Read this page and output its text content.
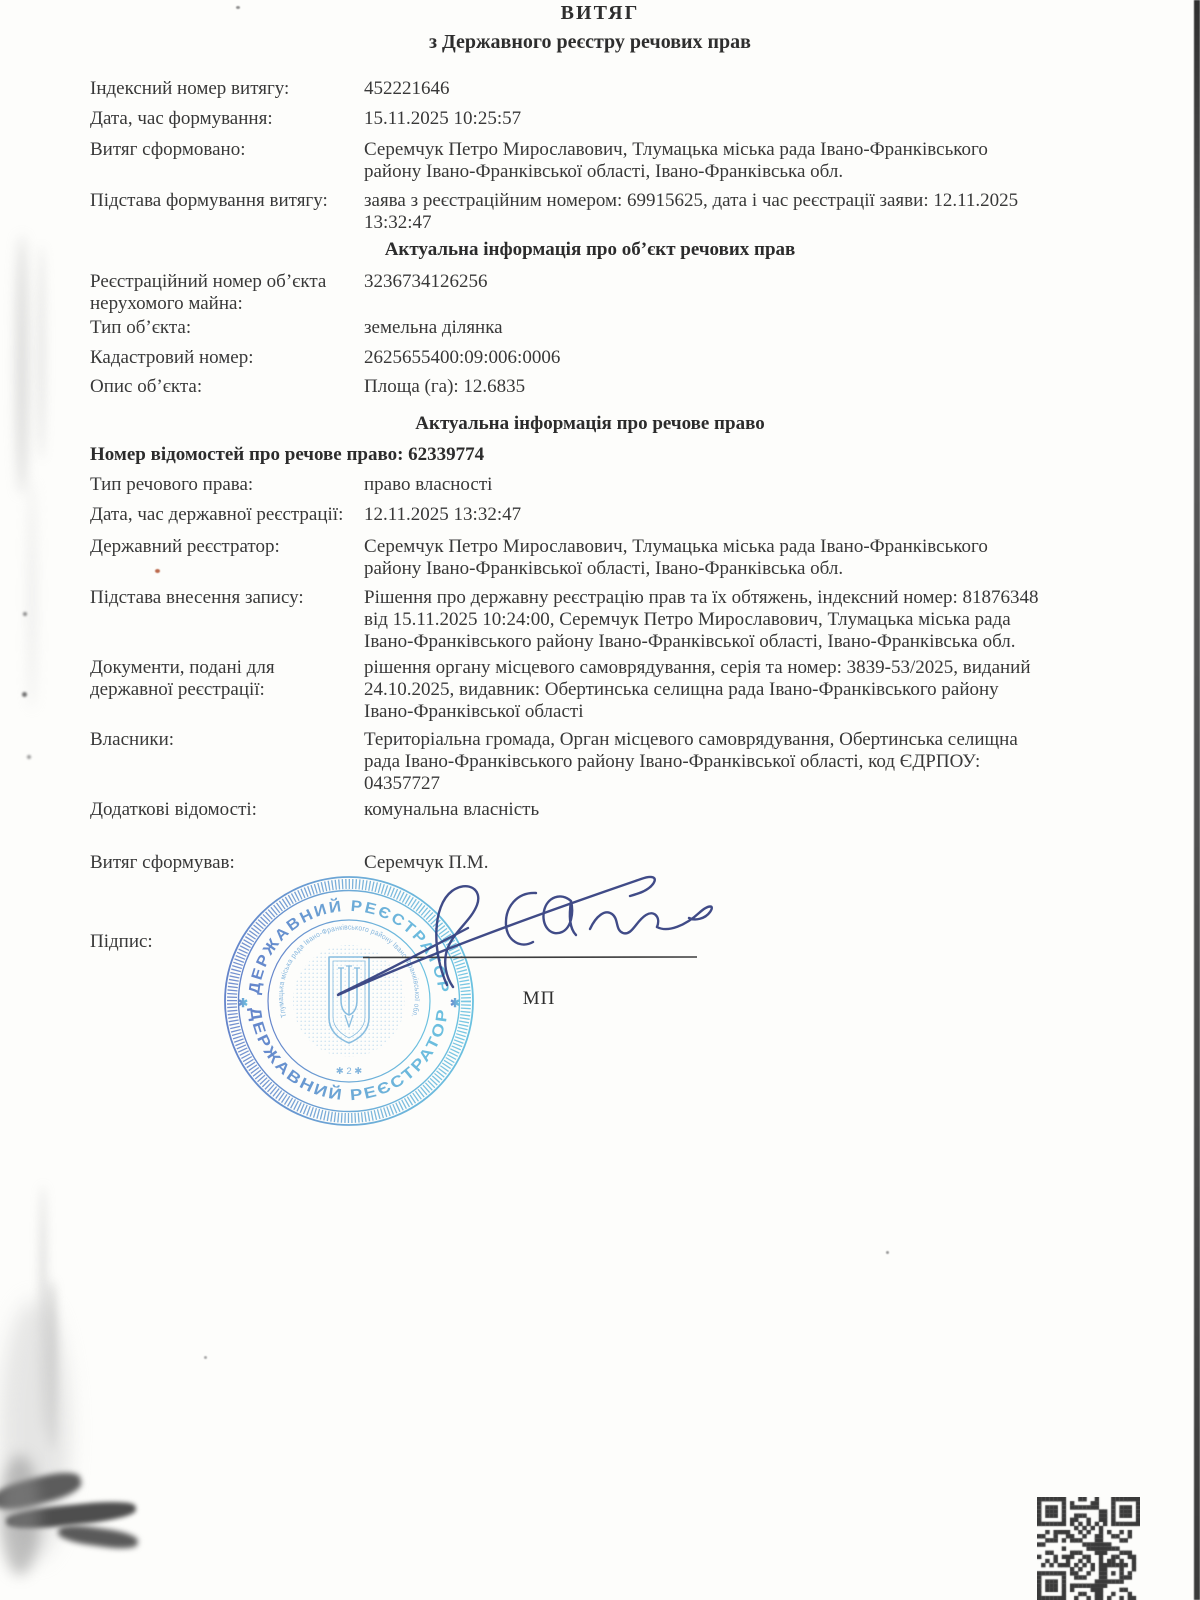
ВИТЯГ
з Державного реєстру речових прав
Індексний номер витягу:	452221646
Дата, час формування:	15.11.2025 10:25:57
Витяг сформовано:	Серемчук Петро Мирославович, Тлумацька міська рада Івано-Франківського
району Івано-Франківської області, Івано-Франківська обл.
Підстава формування витягу:	заява з реєстраційним номером: 69915625, дата і час реєстрації заяви: 12.11.2025
13:32:47
Актуальна інформація про об’єкт речових прав
Реєстраційний номер об’єкта
нерухомого майна:
3236734126256
Тип об’єкта:	земельна ділянка
Кадастровий номер:	2625655400:09:006:0006
Опис об’єкта:	Площа (га): 12.6835
Актуальна інформація про речове право
Номер відомостей про речове право: 62339774
Тип речового права:	право власності
Дата, час державної реєстрації:	12.11.2025 13:32:47
Державний реєстратор:	Серемчук Петро Мирославович, Тлумацька міська рада Івано-Франківського
району Івано-Франківської області, Івано-Франківська обл.
Підстава внесення запису:	Рішення про державну реєстрацію прав та їх обтяжень, індексний номер: 81876348
від 15.11.2025 10:24:00, Серемчук Петро Мирославович, Тлумацька міська рада
Івано-Франківського району Івано-Франківської області, Івано-Франківська обл.
Документи, подані для
державної реєстрації:
рішення органу місцевого самоврядування, серія та номер: 3839-53/2025, виданий
24.10.2025, видавник: Обертинська селищна рада Івано-Франківського району
Івано-Франківської області
Власники:	Територіальна громада, Орган місцевого самоврядування, Обертинська селищна
рада Івано-Франківського району Івано-Франківської області, код ЄДРПОУ:
04357727
Додаткові відомості:	комунальна власність
Витяг сформував:	Серемчук П.М.
Підпис:
МП
ДЕРЖАВНИЙ РЕЄСТРАТОР
ДЕРЖАВНИЙ РЕЄСТРАТОР
✱	✱
Тлумацька міська рада Івано-Франківського району Івано-Франківської обл.
✱ 2 ✱
